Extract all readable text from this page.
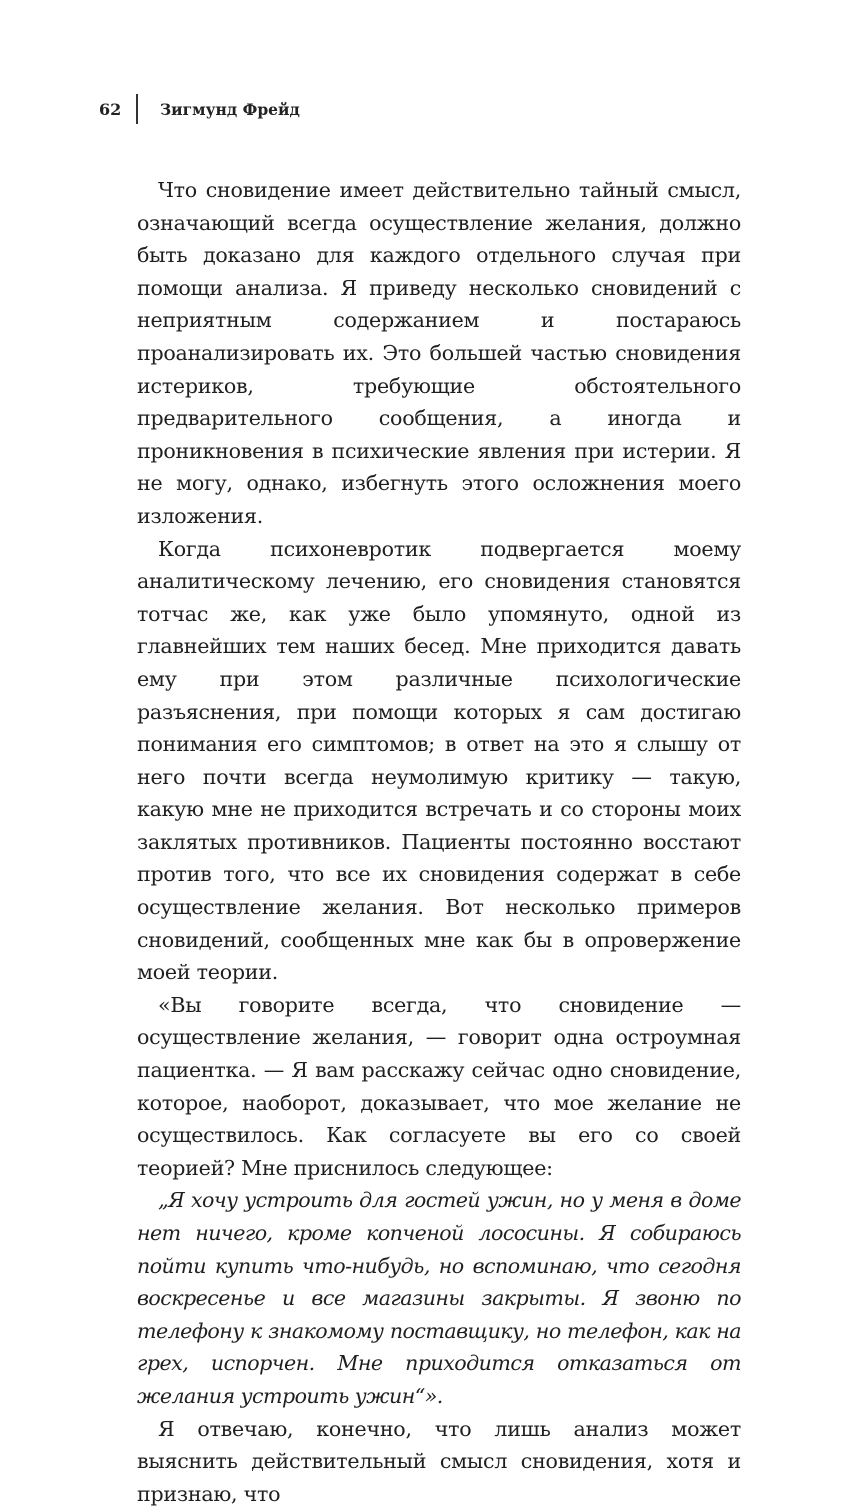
62	Зигмунд Фрейд

Что сновидение имеет действительно тайный смысл, означающий всегда осуществление желания, должно быть доказано для каждого отдельного случая при помощи анализа. Я приведу несколько сновидений с неприятным содержанием и постараюсь проанализировать их. Это большей частью сновидения истериков, требующие обстоятельного предварительного сообщения, а иногда и проникновения в психические явления при истерии. Я не могу, однако, избегнуть этого осложнения моего изложения.

Когда психоневротик подвергается моему аналитическому лечению, его сновидения становятся тотчас же, как уже было упомянуто, одной из главнейших тем наших бесед. Мне приходится давать ему при этом различные психологические разъяснения, при помощи которых я сам достигаю понимания его симптомов; в ответ на это я слышу от него почти всегда неумолимую критику — такую, какую мне не приходится встречать и со стороны моих заклятых противников. Пациенты постоянно восстают против того, что все их сновидения содержат в себе осуществление желания. Вот несколько примеров сновидений, сообщенных мне как бы в опровержение моей теории.

«Вы говорите всегда, что сновидение — осуществление желания, — говорит одна остроумная пациентка. — Я вам расскажу сейчас одно сновидение, которое, наоборот, доказывает, что мое желание не осуществилось. Как согласуете вы его со своей теорией? Мне приснилось следующее:

„Я хочу устроить для гостей ужин, но у меня в доме нет ничего, кроме копченой лососины. Я собираюсь пойти купить что-нибудь, но вспоминаю, что сегодня воскресенье и все магазины закрыты. Я звоню по телефону к знакомому поставщику, но телефон, как на грех, испорчен. Мне приходится отказаться от желания устроить ужин“».

Я отвечаю, конечно, что лишь анализ может выяснить действительный смысл сновидения, хотя и признаю, что
